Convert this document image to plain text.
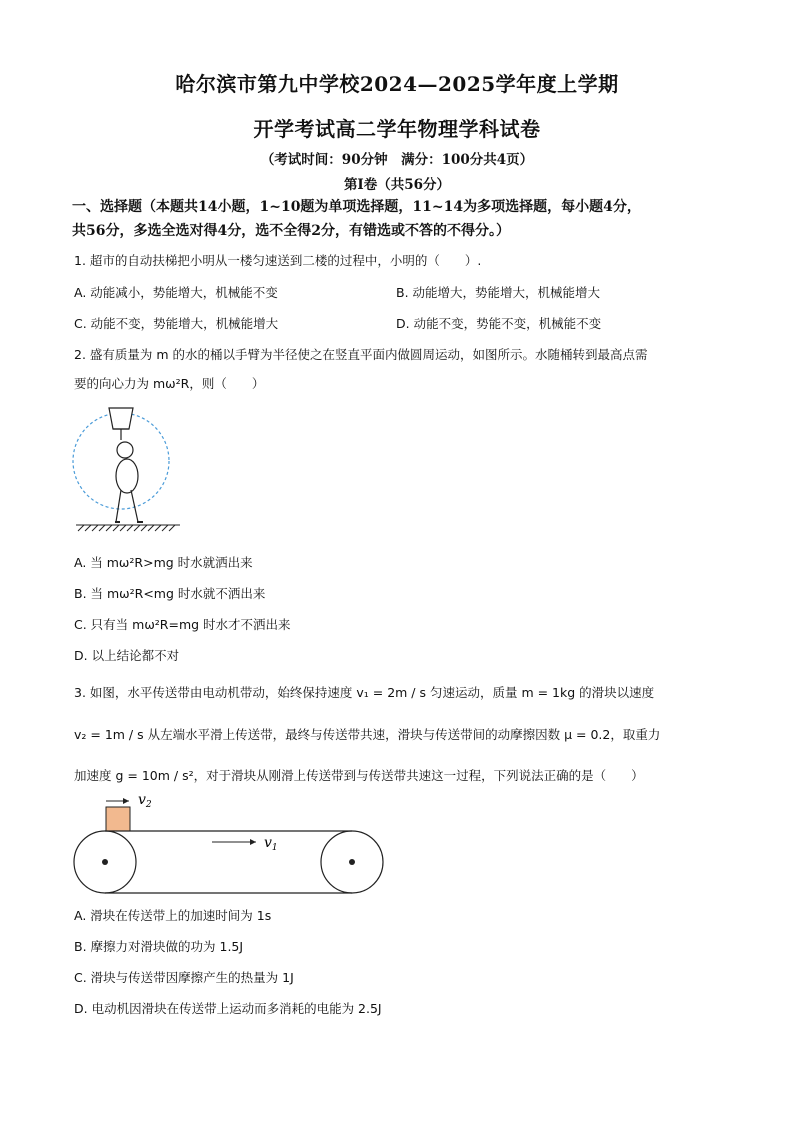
哈尔滨市第九中学校2024—2025学年度上学期
开学考试高二学年物理学科试卷
（考试时间：90分钟　满分：100分共4页）
第Ⅰ卷（共56分）
一、选择题（本题共14小题，1~10题为单项选择题，11~14为多项选择题，每小题4分，
共56分，多选全选对得4分，选不全得2分，有错选或不答的不得分。）
1. 超市的自动扶梯把小明从一楼匀速送到二楼的过程中，小明的（　　）.
A. 动能减小，势能增大，机械能不变	B. 动能增大，势能增大，机械能增大
C. 动能不变，势能增大，机械能增大	D. 动能不变，势能不变，机械能不变
2. 盛有质量为 m 的水的桶以手臂为半径使之在竖直平面内做圆周运动，如图所示。水随桶转到最高点需
要的向心力为 mω²R，则（　　）
A. 当 mω²R>mg 时水就洒出来
B. 当 mω²R<mg 时水就不洒出来
C. 只有当 mω²R=mg 时水才不洒出来
D. 以上结论都不对
3. 如图，水平传送带由电动机带动，始终保持速度 v₁ = 2m / s 匀速运动，质量 m = 1kg 的滑块以速度
v₂ = 1m / s 从左端水平滑上传送带，最终与传送带共速，滑块与传送带间的动摩擦因数 μ = 0.2，取重力
加速度 g = 10m / s²，对于滑块从刚滑上传送带到与传送带共速这一过程，下列说法正确的是（　　）
$v_2$
$v_1$
A. 滑块在传送带上的加速时间为 1s
B. 摩擦力对滑块做的功为 1.5J
C. 滑块与传送带因摩擦产生的热量为 1J
D. 电动机因滑块在传送带上运动而多消耗的电能为 2.5J
